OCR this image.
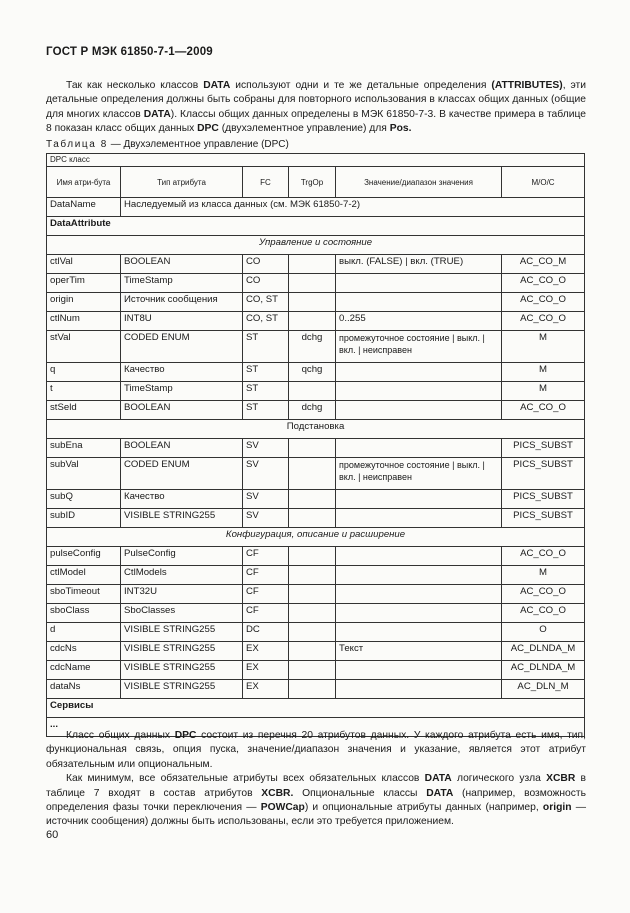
ГОСТ Р МЭК 61850-7-1—2009

Так как несколько классов DATA используют одни и те же детальные определения (ATTRIBUTES), эти детальные определения должны быть собраны для повторного использования в классах общих данных (общие для многих классов DATA). Классы общих данных определены в МЭК 61850-7-3. В качестве примера в таблице 8 показан класс общих данных DPC (двухэлементное управление) для Pos.

Таблица 8 — Двухэлементное управление (DPC)
DPC класс					
Имя атри-бута	Тип атрибута	FC	TrgOp	Значение/диапазон значения	M/O/C
DataName	Наследуемый из класса данных (см. МЭК 61850-7-2)				
DataAttribute					
Управление и состояние					
ctlVal	BOOLEAN	CO		выкл. (FALSE) | вкл. (TRUE)	AC_CO_M
operTim	TimeStamp	CO			AC_CO_O
origin	Источник сообщения	CO, ST			AC_CO_O
ctlNum	INT8U	CO, ST		0..255	AC_CO_O
stVal	CODED ENUM	ST	dchg	промежуточное состояние | выкл. | вкл. | неисправен	M
q	Качество	ST	qchg		M
t	TimeStamp	ST			M
stSeld	BOOLEAN	ST	dchg		AC_CO_O
Подстановка					
subEna	BOOLEAN	SV			PICS_SUBST
subVal	CODED ENUM	SV		промежуточное состояние | выкл. | вкл. | неисправен	PICS_SUBST
subQ	Качество	SV			PICS_SUBST
subID	VISIBLE STRING255	SV			PICS_SUBST
Конфигурация, описание и расширение					
pulseConfig	PulseConfig	CF			AC_CO_O
ctlModel	CtlModels	CF			M
sboTimeout	INT32U	CF			AC_CO_O
sboClass	SboClasses	CF			AC_CO_O
d	VISIBLE STRING255	DC			O
cdcNs	VISIBLE STRING255	EX		Текст	AC_DLNDA_M
cdcName	VISIBLE STRING255	EX			AC_DLNDA_M
dataNs	VISIBLE STRING255	EX			AC_DLN_M
Сервисы					
...					

Класс общих данных DPC состоит из перечня 20 атрибутов данных. У каждого атрибута есть имя, тип, функциональная связь, опция пуска, значение/диапазон значения и указание, является этот атрибут обязательным или опциональным.

Как минимум, все обязательные атрибуты всех обязательных классов DATA логического узла XCBR в таблице 7 входят в состав атрибутов XCBR. Опциональные классы DATA (например, возможность определения фазы точки переключения — POWCap) и опциональные атрибуты данных (например, origin — источник сообщения) должны быть использованы, если это требуется приложением.

60
